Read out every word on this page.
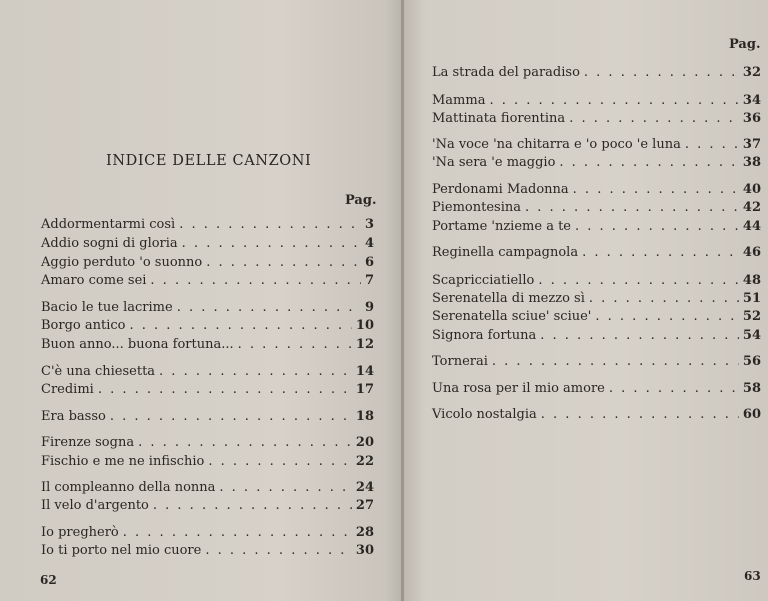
INDICE DELLE CANZONI
Pag.
Addormentarmi così . . .	3
Addio sogni di gloria . . .	4
Aggio perduto 'o suonno . . .	6
Amaro come sei . . .	7
Bacio le tue lacrime . . .	9
Borgo antico . . .	10
Buon anno... buona fortuna... . . .	12
C'è una chiesetta . . .	14
Credimi . . .	17
Era basso . . .	18
Firenze sogna . . .	20
Fischio e me ne infischio . . .	22
Il compleanno della nonna . . .	24
Il velo d'argento . . .	27
Io pregherò . . .	28
Io ti porto nel mio cuore . . .	30
62
Pag.
La strada del paradiso . . .	32
Mamma . . .	34
Mattinata fiorentina . . .	36
'Na voce 'na chitarra e 'o poco 'e luna . . .	37
'Na sera 'e maggio . . .	38
Perdonami Madonna . . .	40
Piemontesina . . .	42
Portame 'nzieme a te . . .	44
Reginella campagnola . . .	46
Scapricciatiello . . .	48
Serenatella di mezzo sì . . .	51
Serenatella sciue' sciue' . . .	52
Signora fortuna . . .	54
Tornerai . . .	56
Una rosa per il mio amore . . .	58
Vicolo nostalgia . . .	60
63
